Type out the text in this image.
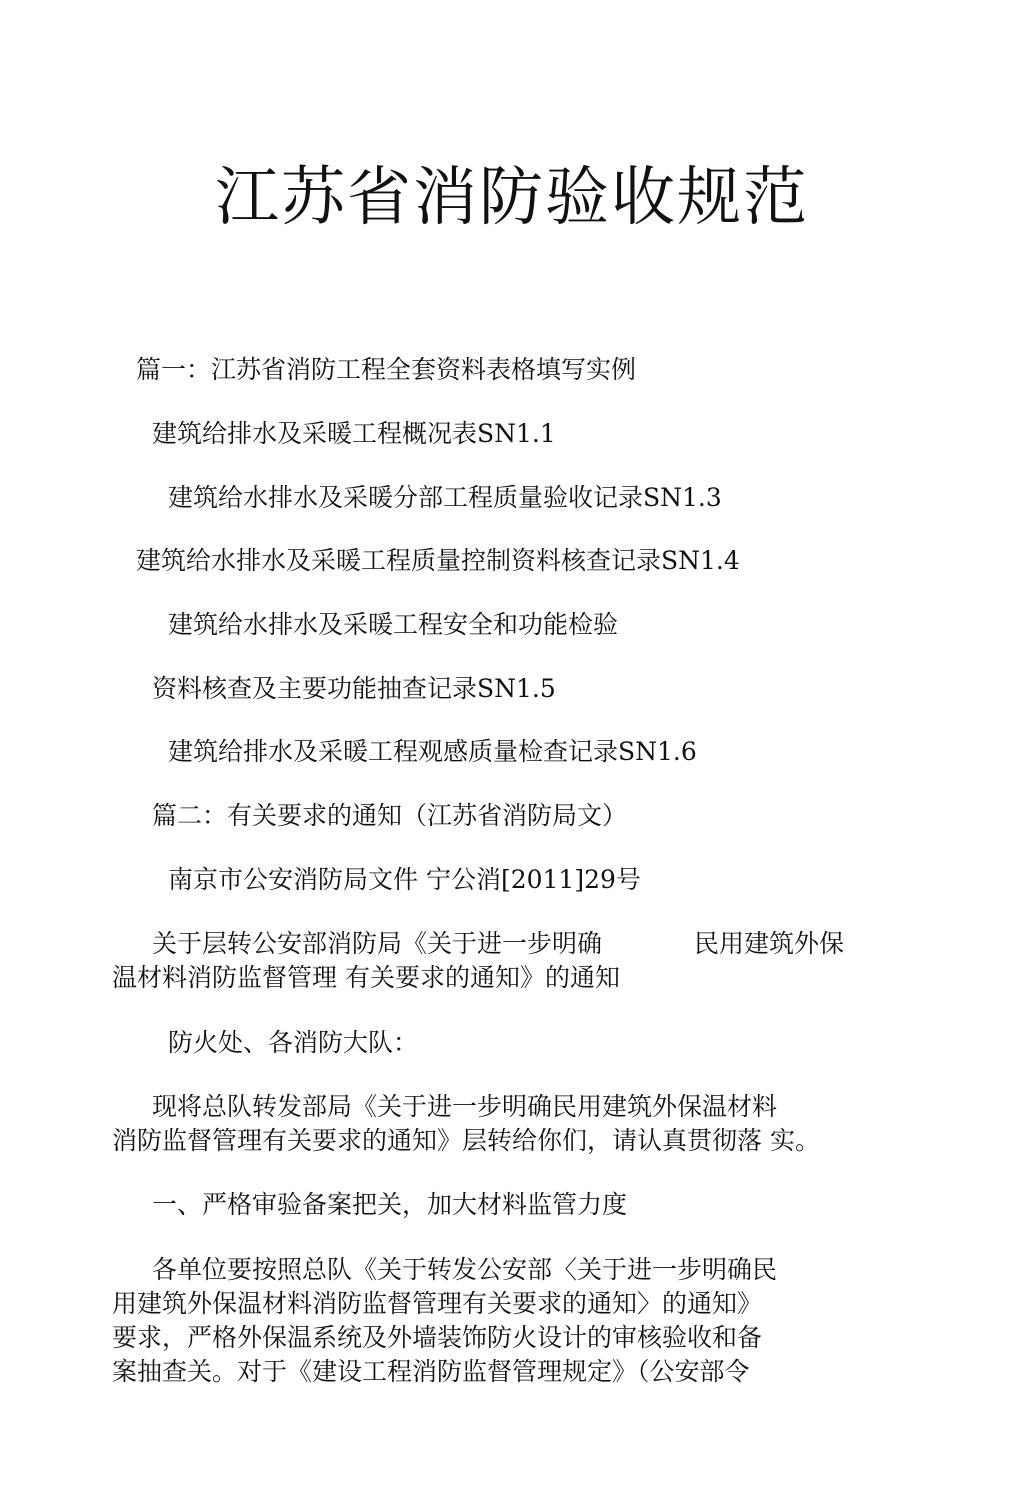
江苏省消防验收规范
篇一：江苏省消防工程全套资料表格填写实例
建筑给排水及采暖工程概况表SN1.1
建筑给水排水及采暖分部工程质量验收记录SN1.3
建筑给水排水及采暖工程质量控制资料核查记录SN1.4
建筑给水排水及采暖工程安全和功能检验
资料核查及主要功能抽查记录SN1.5
建筑给排水及采暖工程观感质量检查记录SN1.6
篇二：有关要求的通知（江苏省消防局文）
南京市公安消防局文件 宁公消[2011]29号
关于层转公安部消防局《关于进一步明确	民用建筑外保
温材料消防监督管理 有关要求的通知》的通知
防火处、各消防大队：
现将总队转发部局《关于进一步明确民用建筑外保温材料
消防监督管理有关要求的通知》层转给你们，请认真贯彻落 实。
一、严格审验备案把关，加大材料监管力度
各单位要按照总队《关于转发公安部〈关于进一步明确民
用建筑外保温材料消防监督管理有关要求的通知〉的通知》
要求，严格外保温系统及外墙装饰防火设计的审核验收和备
案抽查关。对于《建设工程消防监督管理规定》（公安部令
